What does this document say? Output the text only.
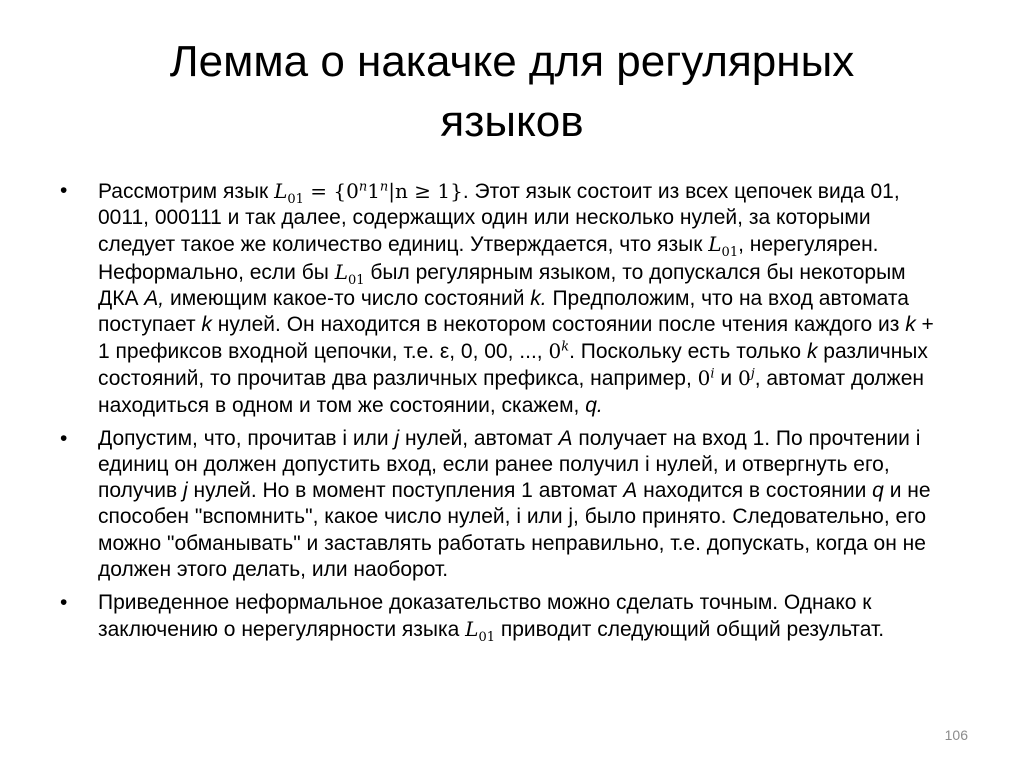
Лемма о накачке для регулярных
языков
• Рассмотрим язык $L_{01} = \{0^n1^n|n \ge 1\}$. Этот язык состоит из всех цепочек вида 01, 0011, 000111 и так далее, содержащих один или несколько нулей, за которыми следует такое же количество единиц. Утверждается, что язык $L_{01}$, нерегулярен. Неформально, если бы $L_{01}$ был регулярным языком, то допускался бы некоторым ДКА A, имеющим какое-то число состояний k. Предположим, что на вход автомата поступает k нулей. Он находится в некотором состоянии после чтения каждого из k + 1 префиксов входной цепочки, т.е. ε, 0, 00, ..., 0$^k$. Поскольку есть только k различных состояний, то прочитав два различных префикса, например, 0$^i$ и 0$^j$, автомат должен находиться в одном и том же состоянии, скажем, q.
• Допустим, что, прочитав i или j нулей, автомат A получает на вход 1. По прочтении i единиц он должен допустить вход, если ранее получил i нулей, и отвергнуть его, получив j нулей. Но в момент поступления 1 автомат A находится в состоянии q и не способен "вспомнить", какое число нулей, i или j, было принято. Следовательно, его можно "обманывать" и заставлять работать неправильно, т.е. допускать, когда он не должен этого делать, или наоборот.
• Приведенное неформальное доказательство можно сделать точным. Однако к заключению о нерегулярности языка $L_{01}$ приводит следующий общий результат.
106
